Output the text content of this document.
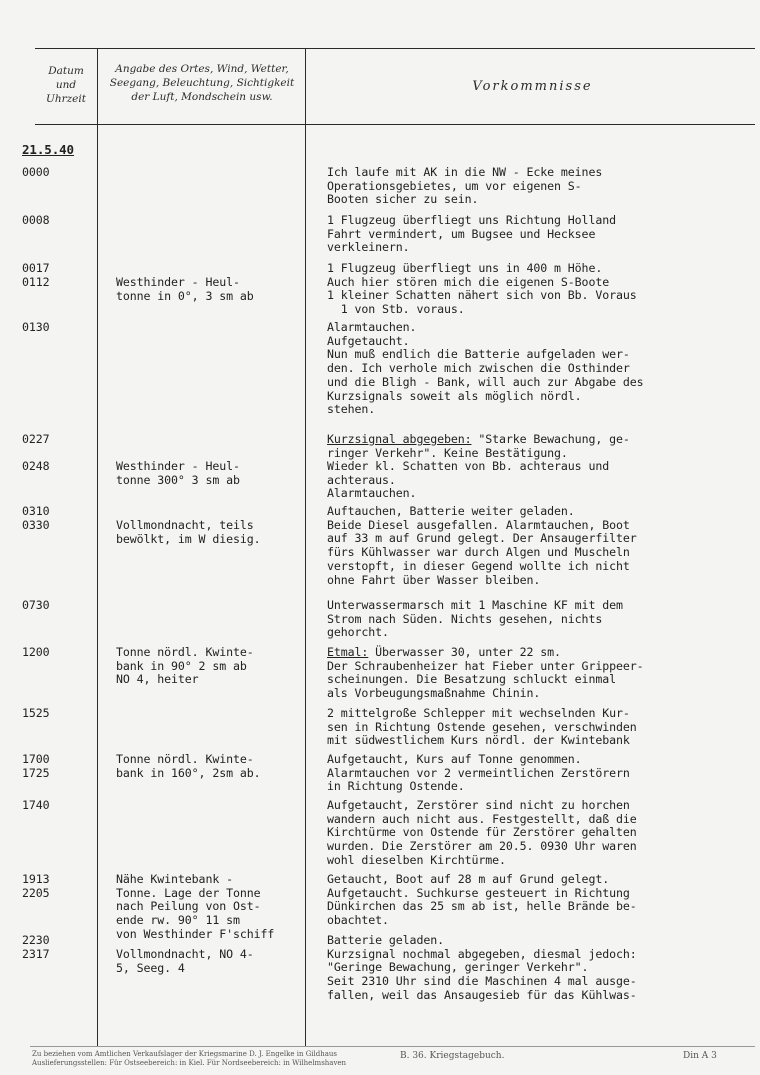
Datum
und
Uhrzeit
Angabe des Ortes, Wind, Wetter,
Seegang, Beleuchtung, Sichtigkeit
der Luft, Mondschein usw.
Vorkommnisse
21.5.40
0000
0008
0017
0112
0130
0227
0248
0310
0330
0730
1200
1525
1700
1725
1740
1913
2205
2230
2317
Westhinder - Heul-
tonne in 0°, 3 sm ab
Westhinder - Heul-
tonne 300° 3 sm ab
Vollmondnacht, teils
bewölkt, im W diesig.
Tonne nördl. Kwinte-
bank in 90° 2 sm ab
NO 4, heiter
Tonne nördl. Kwinte-
bank in 160°, 2sm ab.
Nähe Kwintebank -
Tonne. Lage der Tonne
nach Peilung von Ost-
ende rw. 90° 11 sm
von Westhinder F'schiff
Vollmondnacht, NO 4-
5, Seeg. 4
Ich laufe mit AK in die NW - Ecke meines
Operationsgebietes, um vor eigenen S-
Booten sicher zu sein.
1 Flugzeug überfliegt uns Richtung Holland
Fahrt vermindert, um Bugsee und Hecksee
verkleinern.
1 Flugzeug überfliegt uns in 400 m Höhe.
Auch hier stören mich die eigenen S-Boote
1 kleiner Schatten nähert sich von Bb. Voraus
1 von Stb. voraus.
Alarmtauchen.
Aufgetaucht.
Nun muß endlich die Batterie aufgeladen wer-
den. Ich verhole mich zwischen die Osthinder
und die Bligh - Bank, will auch zur Abgabe des
Kurzsignals soweit als möglich nördl.
stehen.
Kurzsignal abgegeben: "Starke Bewachung, ge-
ringer Verkehr". Keine Bestätigung.
Wieder kl. Schatten von Bb. achteraus und
achteraus.
Alarmtauchen.
Auftauchen, Batterie weiter geladen.
Beide Diesel ausgefallen. Alarmtauchen, Boot
auf 33 m auf Grund gelegt. Der Ansaugerfilter
fürs Kühlwasser war durch Algen und Muscheln
verstopft, in dieser Gegend wollte ich nicht
ohne Fahrt über Wasser bleiben.
Unterwassermarsch mit 1 Maschine KF mit dem
Strom nach Süden. Nichts gesehen, nichts
gehorcht.
Etmal: Überwasser 30, unter 22 sm.
Der Schraubenheizer hat Fieber unter Grippeer-
scheinungen. Die Besatzung schluckt einmal
als Vorbeugungsmaßnahme Chinin.
2 mittelgroße Schlepper mit wechselnden Kur-
sen in Richtung Ostende gesehen, verschwinden
mit südwestlichem Kurs nördl. der Kwintebank
Aufgetaucht, Kurs auf Tonne genommen.
Alarmtauchen vor 2 vermeintlichen Zerstörern
in Richtung Ostende.
Aufgetaucht, Zerstörer sind nicht zu horchen
wandern auch nicht aus. Festgestellt, daß die
Kirchtürme von Ostende für Zerstörer gehalten
wurden. Die Zerstörer am 20.5. 0930 Uhr waren
wohl dieselben Kirchtürme.
Getaucht, Boot auf 28 m auf Grund gelegt.
Aufgetaucht. Suchkurse gesteuert in Richtung
Dünkirchen das 25 sm ab ist, helle Brände be-
obachtet.
Batterie geladen.
Kurzsignal nochmal abgegeben, diesmal jedoch:
"Geringe Bewachung, geringer Verkehr".
Seit 2310 Uhr sind die Maschinen 4 mal ausge-
fallen, weil das Ansaugesieb für das Kühlwas-
Zu beziehen vom Amtlichen Verkaufslager der Kriegsmarine D. J. Engelke in Gildhaus
Auslieferungsstellen: Für Ostseebereich: in Kiel. Für Nordseebereich: in Wilhelmshaven
B. 36. Kriegstagebuch.	Din A 3
